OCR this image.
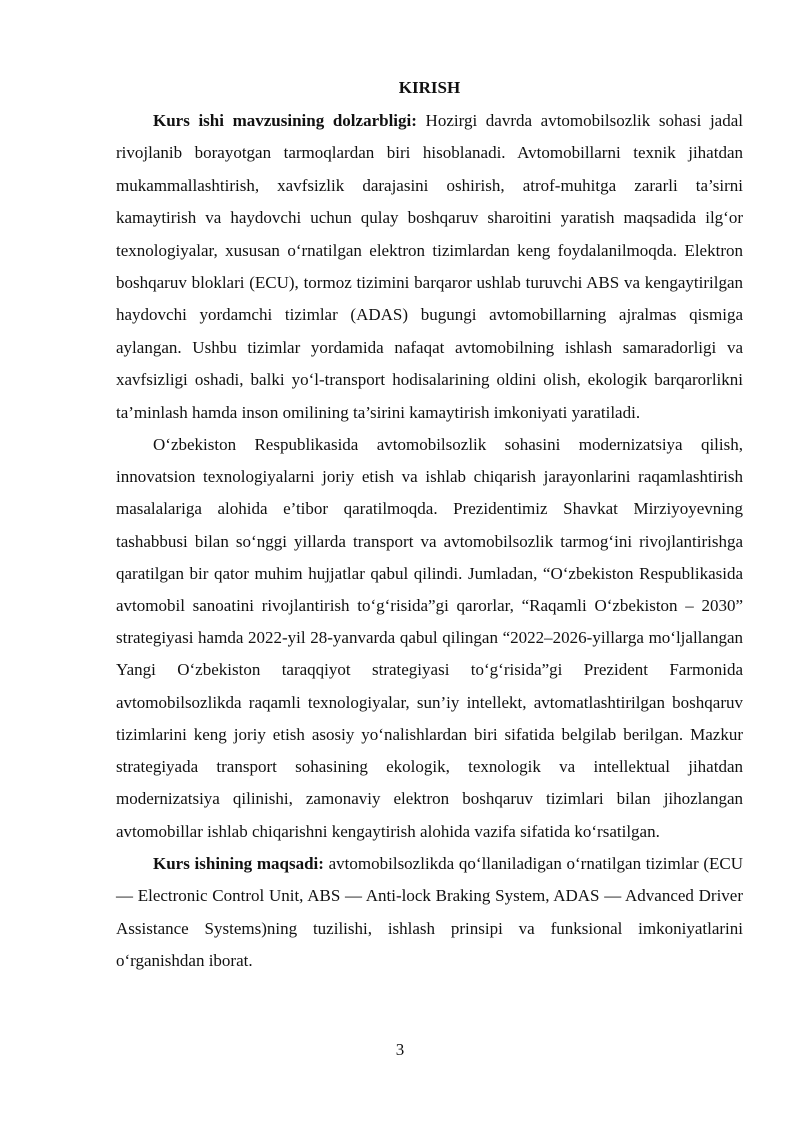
KIRISH

Kurs ishi mavzusining dolzarbligi: Hozirgi davrda avtomobilsozlik sohasi jadal rivojlanib borayotgan tarmoqlardan biri hisoblanadi. Avtomobillarni texnik jihatdan mukammallashtirish, xavfsizlik darajasini oshirish, atrof-muhitga zararli ta’sirni kamaytirish va haydovchi uchun qulay boshqaruv sharoitini yaratish maqsadida ilg‘or texnologiyalar, xususan o‘rnatilgan elektron tizimlardan keng foydalanilmoqda. Elektron boshqaruv bloklari (ECU), tormoz tizimini barqaror ushlab turuvchi ABS va kengaytirilgan haydovchi yordamchi tizimlar (ADAS) bugungi avtomobillarning ajralmas qismiga aylangan. Ushbu tizimlar yordamida nafaqat avtomobilning ishlash samaradorligi va xavfsizligi oshadi, balki yo‘l-transport hodisalarining oldini olish, ekologik barqarorlikni ta’minlash hamda inson omilining ta’sirini kamaytirish imkoniyati yaratiladi.

O‘zbekiston Respublikasida avtomobilsozlik sohasini modernizatsiya qilish, innovatsion texnologiyalarni joriy etish va ishlab chiqarish jarayonlarini raqamlashtirish masalalariga alohida e’tibor qaratilmoqda. Prezidentimiz Shavkat Mirziyoyevning tashabbusi bilan so‘nggi yillarda transport va avtomobilsozlik tarmog‘ini rivojlantirishga qaratilgan bir qator muhim hujjatlar qabul qilindi. Jumladan, “O‘zbekiston Respublikasida avtomobil sanoatini rivojlantirish to‘g‘risida”gi qarorlar, “Raqamli O‘zbekiston – 2030” strategiyasi hamda 2022-yil 28-yanvarda qabul qilingan “2022–2026-yillarga mo‘ljallangan Yangi O‘zbekiston taraqqiyot strategiyasi to‘g‘risida”gi Prezident Farmonida avtomobilsozlikda raqamli texnologiyalar, sun’iy intellekt, avtomatlashtirilgan boshqaruv tizimlarini keng joriy etish asosiy yo‘nalishlardan biri sifatida belgilab berilgan. Mazkur strategiyada transport sohasining ekologik, texnologik va intellektual jihatdan modernizatsiya qilinishi, zamonaviy elektron boshqaruv tizimlari bilan jihozlangan avtomobillar ishlab chiqarishni kengaytirish alohida vazifa sifatida ko‘rsatilgan.

Kurs ishining maqsadi: avtomobilsozlikda qo‘llaniladigan o‘rnatilgan tizimlar (ECU — Electronic Control Unit, ABS — Anti-lock Braking System, ADAS — Advanced Driver Assistance Systems)ning tuzilishi, ishlash prinsipi va funksional imkoniyatlarini o‘rganishdan iborat.

3
